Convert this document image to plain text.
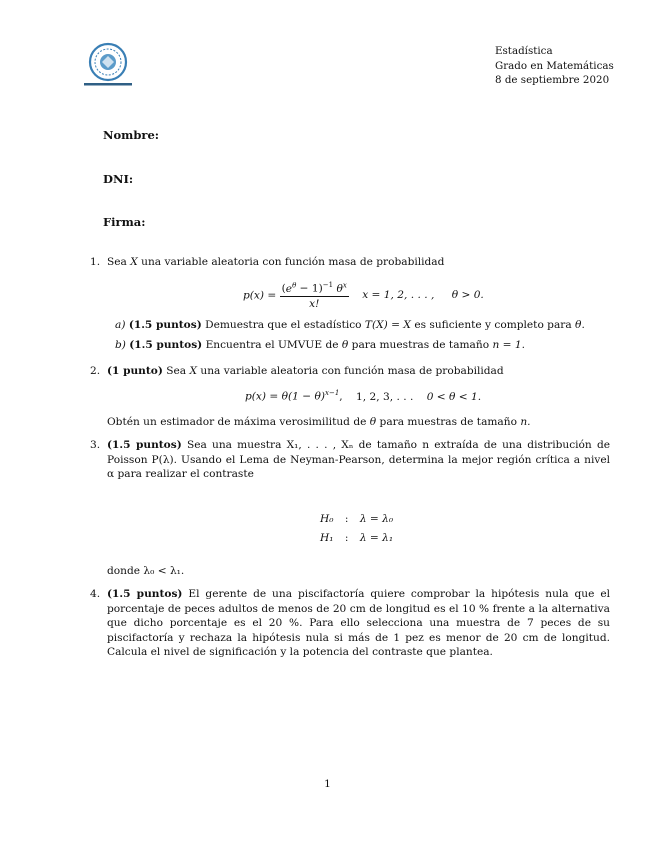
Estadística
Grado en Matemáticas
8 de septiembre 2020
Nombre:
DNI:
Firma:
1. Sea X una variable aleatoria con función masa de probabilidad
$p(x) = \frac{(e^\theta - 1)^{-1} \theta^x}{x!}$ x = 1, 2, . . . , θ > 0.
a) (1.5 puntos) Demuestra que el estadístico T(X) = X es suficiente y completo para θ.
b) (1.5 puntos) Encuentra el UMVUE de θ para muestras de tamaño n = 1.
2. (1 punto) Sea X una variable aleatoria con función masa de probabilidad
$p(x) = \theta(1 - \theta)^{x-1}$, 1, 2, 3, . . . 0 < θ < 1.
Obtén un estimador de máxima verosimilitud de θ para muestras de tamaño n.
3. (1.5 puntos) Sea una muestra X₁, . . . , Xₙ de tamaño n extraída de una distribución de Poisson P(λ). Usando el Lema de Neyman-Pearson, determina la mejor región crítica a nivel α para realizar el contraste
H₀ : λ = λ₀
H₁ : λ = λ₁
donde λ₀ < λ₁.
4. (1.5 puntos) El gerente de una piscifactoría quiere comprobar la hipótesis nula que el porcentaje de peces adultos de menos de 20 cm de longitud es el 10 % frente a la alternativa que dicho porcentaje es el 20 %. Para ello selecciona una muestra de 7 peces de su piscifactoría y rechaza la hipótesis nula si más de 1 pez es menor de 20 cm de longitud. Calcula el nivel de significación y la potencia del contraste que plantea.
1
